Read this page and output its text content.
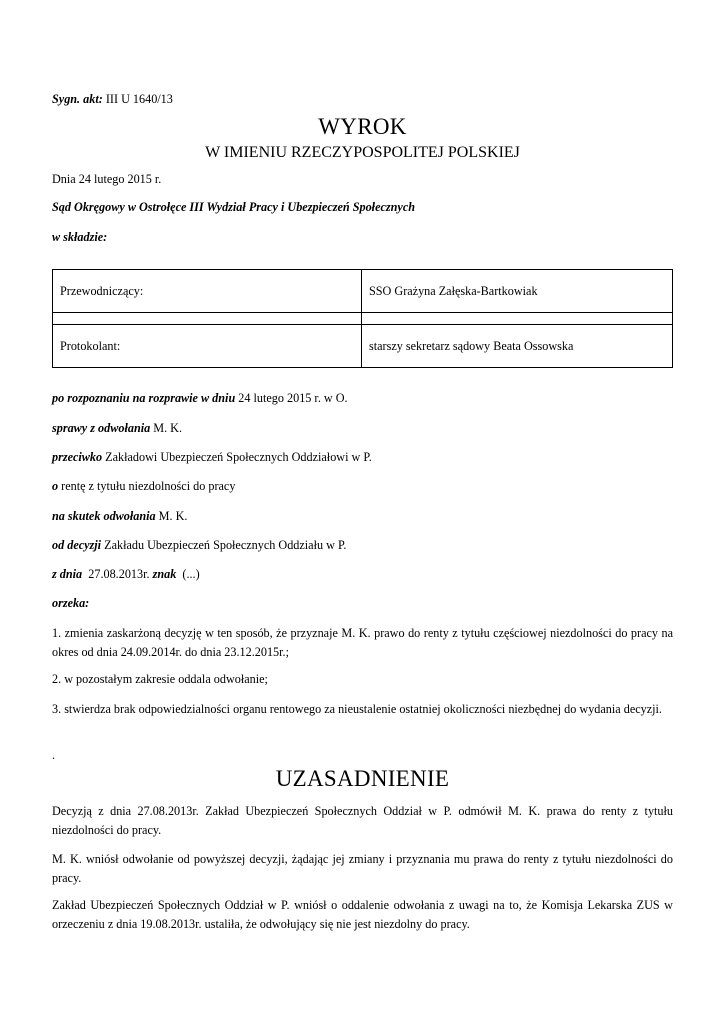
Sygn. akt: III U 1640/13
WYROK
W IMIENIU RZECZYPOSPOLITEJ POLSKIEJ
Dnia 24 lutego 2015 r.
Sąd Okręgowy w Ostrołęce III Wydział Pracy i Ubezpieczeń Społecznych
w składzie:
Przewodniczący:	SSO Grażyna Załęska-Bartkowiak

Protokolant:	starszy sekretarz sądowy Beata Ossowska
po rozpoznaniu na rozprawie w dniu 24 lutego 2015 r. w O.
sprawy z odwołania M. K.
przeciwko Zakładowi Ubezpieczeń Społecznych Oddziałowi w P.
o rentę z tytułu niezdolności do pracy
na skutek odwołania M. K.
od decyzji Zakładu Ubezpieczeń Społecznych Oddziału w P.
z dnia 27.08.2013r. znak (...)
orzeka:
1. zmienia zaskarżoną decyzję w ten sposób, że przyznaje M. K. prawo do renty z tytułu częściowej niezdolności do pracy na okres od dnia 24.09.2014r. do dnia 23.12.2015r.;
2. w pozostałym zakresie oddala odwołanie;
3. stwierdza brak odpowiedzialności organu rentowego za nieustalenie ostatniej okoliczności niezbędnej do wydania decyzji.
.
UZASADNIENIE
Decyzją z dnia 27.08.2013r. Zakład Ubezpieczeń Społecznych Oddział w P. odmówił M. K. prawa do renty z tytułu niezdolności do pracy.
M. K. wniósł odwołanie od powyższej decyzji, żądając jej zmiany i przyznania mu prawa do renty z tytułu niezdolności do pracy.
Zakład Ubezpieczeń Społecznych Oddział w P. wniósł o oddalenie odwołania z uwagi na to, że Komisja Lekarska ZUS w orzeczeniu z dnia 19.08.2013r. ustaliła, że odwołujący się nie jest niezdolny do pracy.
